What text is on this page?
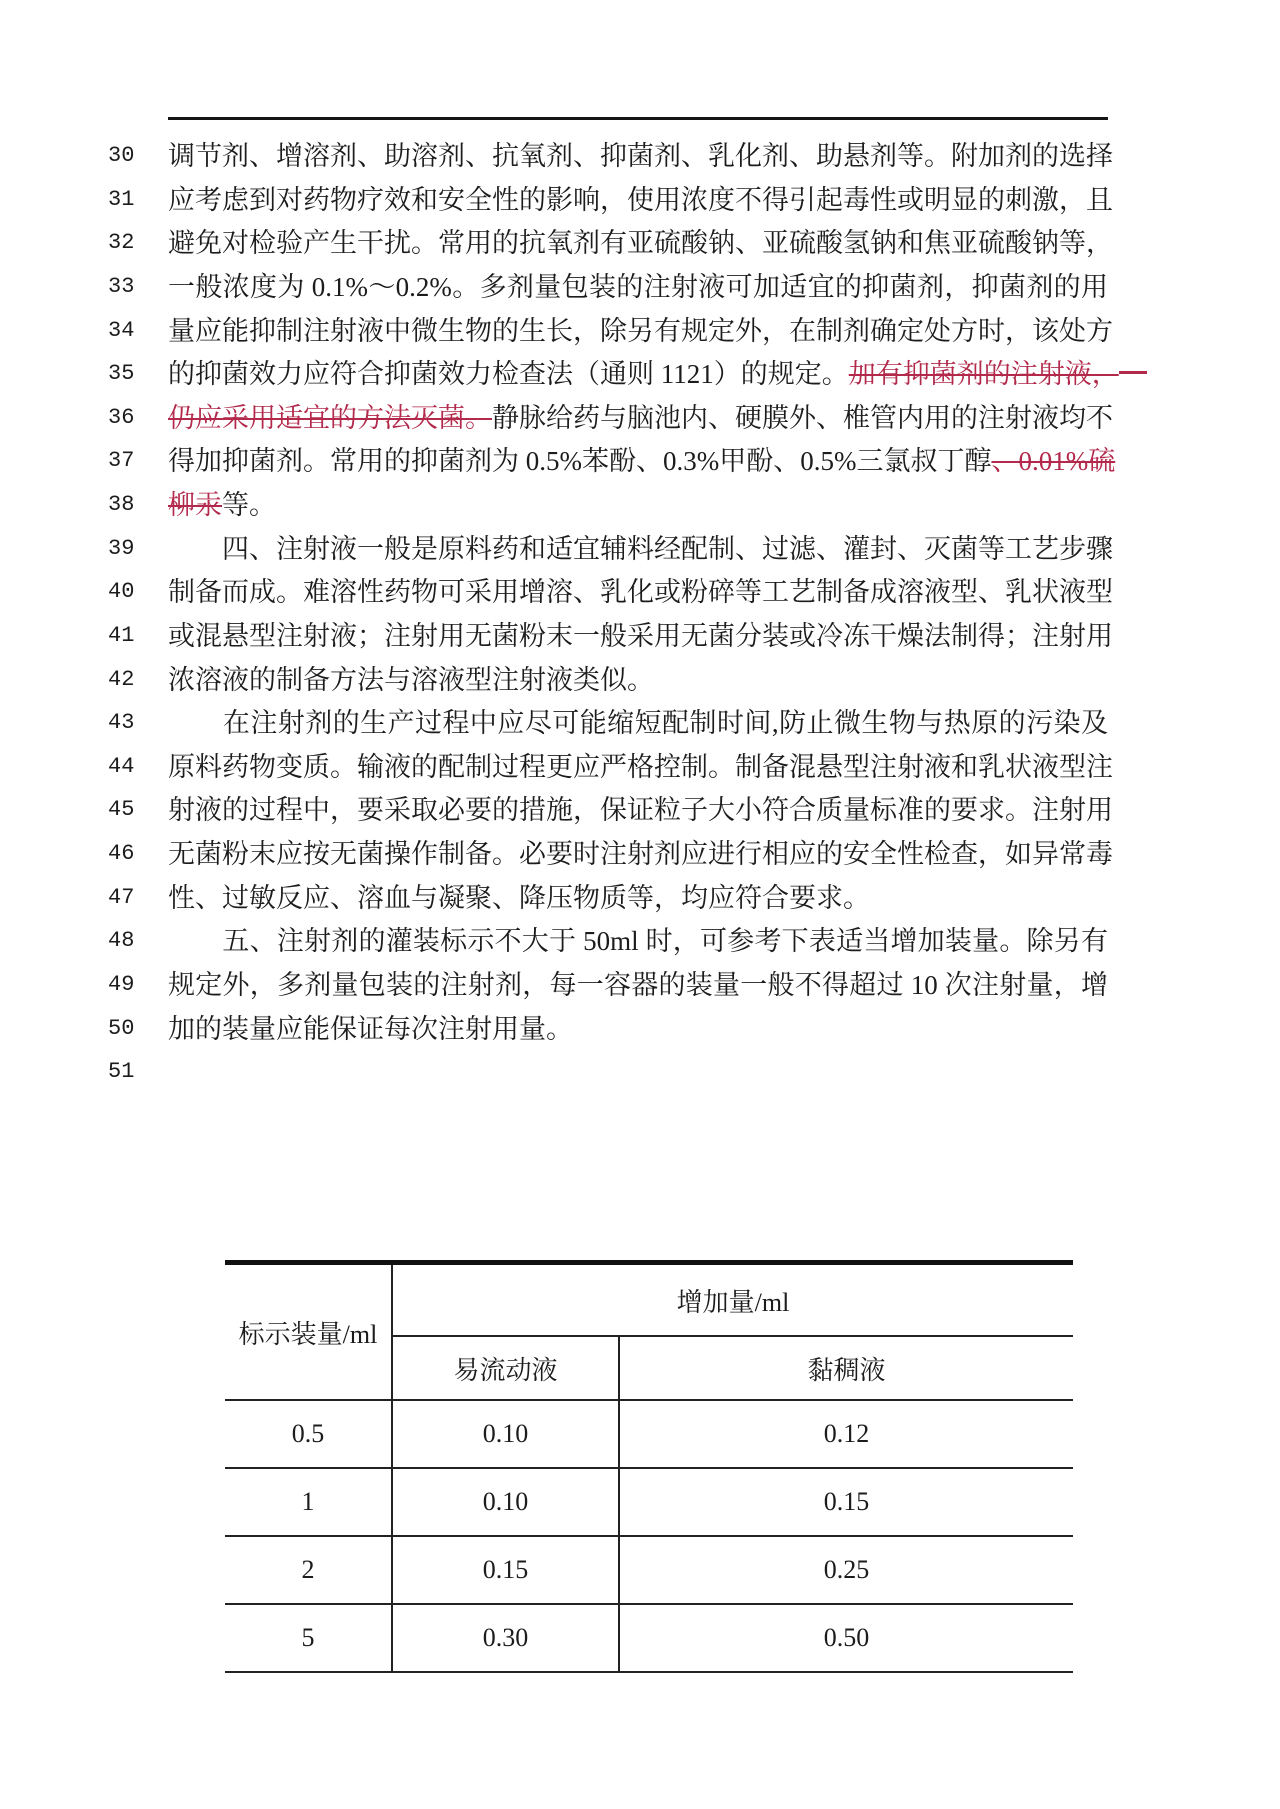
30	调节剂、增溶剂、助溶剂、抗氧剂、抑菌剂、乳化剂、助悬剂等。附加剂的选择
31	应考虑到对药物疗效和安全性的影响，使用浓度不得引起毒性或明显的刺激，且
32	避免对检验产生干扰。常用的抗氧剂有亚硫酸钠、亚硫酸氢钠和焦亚硫酸钠等，
33	一般浓度为 0.1%～0.2%。多剂量包装的注射液可加适宜的抑菌剂，抑菌剂的用
34	量应能抑制注射液中微生物的生长，除另有规定外，在制剂确定处方时，该处方
35	的抑菌效力应符合抑菌效力检查法（通则 1121）的规定。加有抑菌剂的注射液，
36	仍应采用适宜的方法灭菌。静脉给药与脑池内、硬膜外、椎管内用的注射液均不
37	得加抑菌剂。常用的抑菌剂为 0.5%苯酚、0.3%甲酚、0.5%三氯叔丁醇、0.01%硫
38	柳汞等。
39	　　四、注射液一般是原料药和适宜辅料经配制、过滤、灌封、灭菌等工艺步骤
40	制备而成。难溶性药物可采用增溶、乳化或粉碎等工艺制备成溶液型、乳状液型
41	或混悬型注射液；注射用无菌粉末一般采用无菌分装或冷冻干燥法制得；注射用
42	浓溶液的制备方法与溶液型注射液类似。
43	　　在注射剂的生产过程中应尽可能缩短配制时间,防止微生物与热原的污染及
44	原料药物变质。输液的配制过程更应严格控制。制备混悬型注射液和乳状液型注
45	射液的过程中，要采取必要的措施，保证粒子大小符合质量标准的要求。注射用
46	无菌粉末应按无菌操作制备。必要时注射剂应进行相应的安全性检查，如异常毒
47	性、过敏反应、溶血与凝聚、降压物质等，均应符合要求。
48	　　五、注射剂的灌装标示不大于 50ml 时，可参考下表适当增加装量。除另有
49	规定外，多剂量包装的注射剂，每一容器的装量一般不得超过 10 次注射量，增
50	加的装量应能保证每次注射用量。
51
标示装量/ml	增加量/ml	
	易流动液	黏稠液
0.5	0.10	0.12
1	0.10	0.15
2	0.15	0.25
5	0.30	0.50
